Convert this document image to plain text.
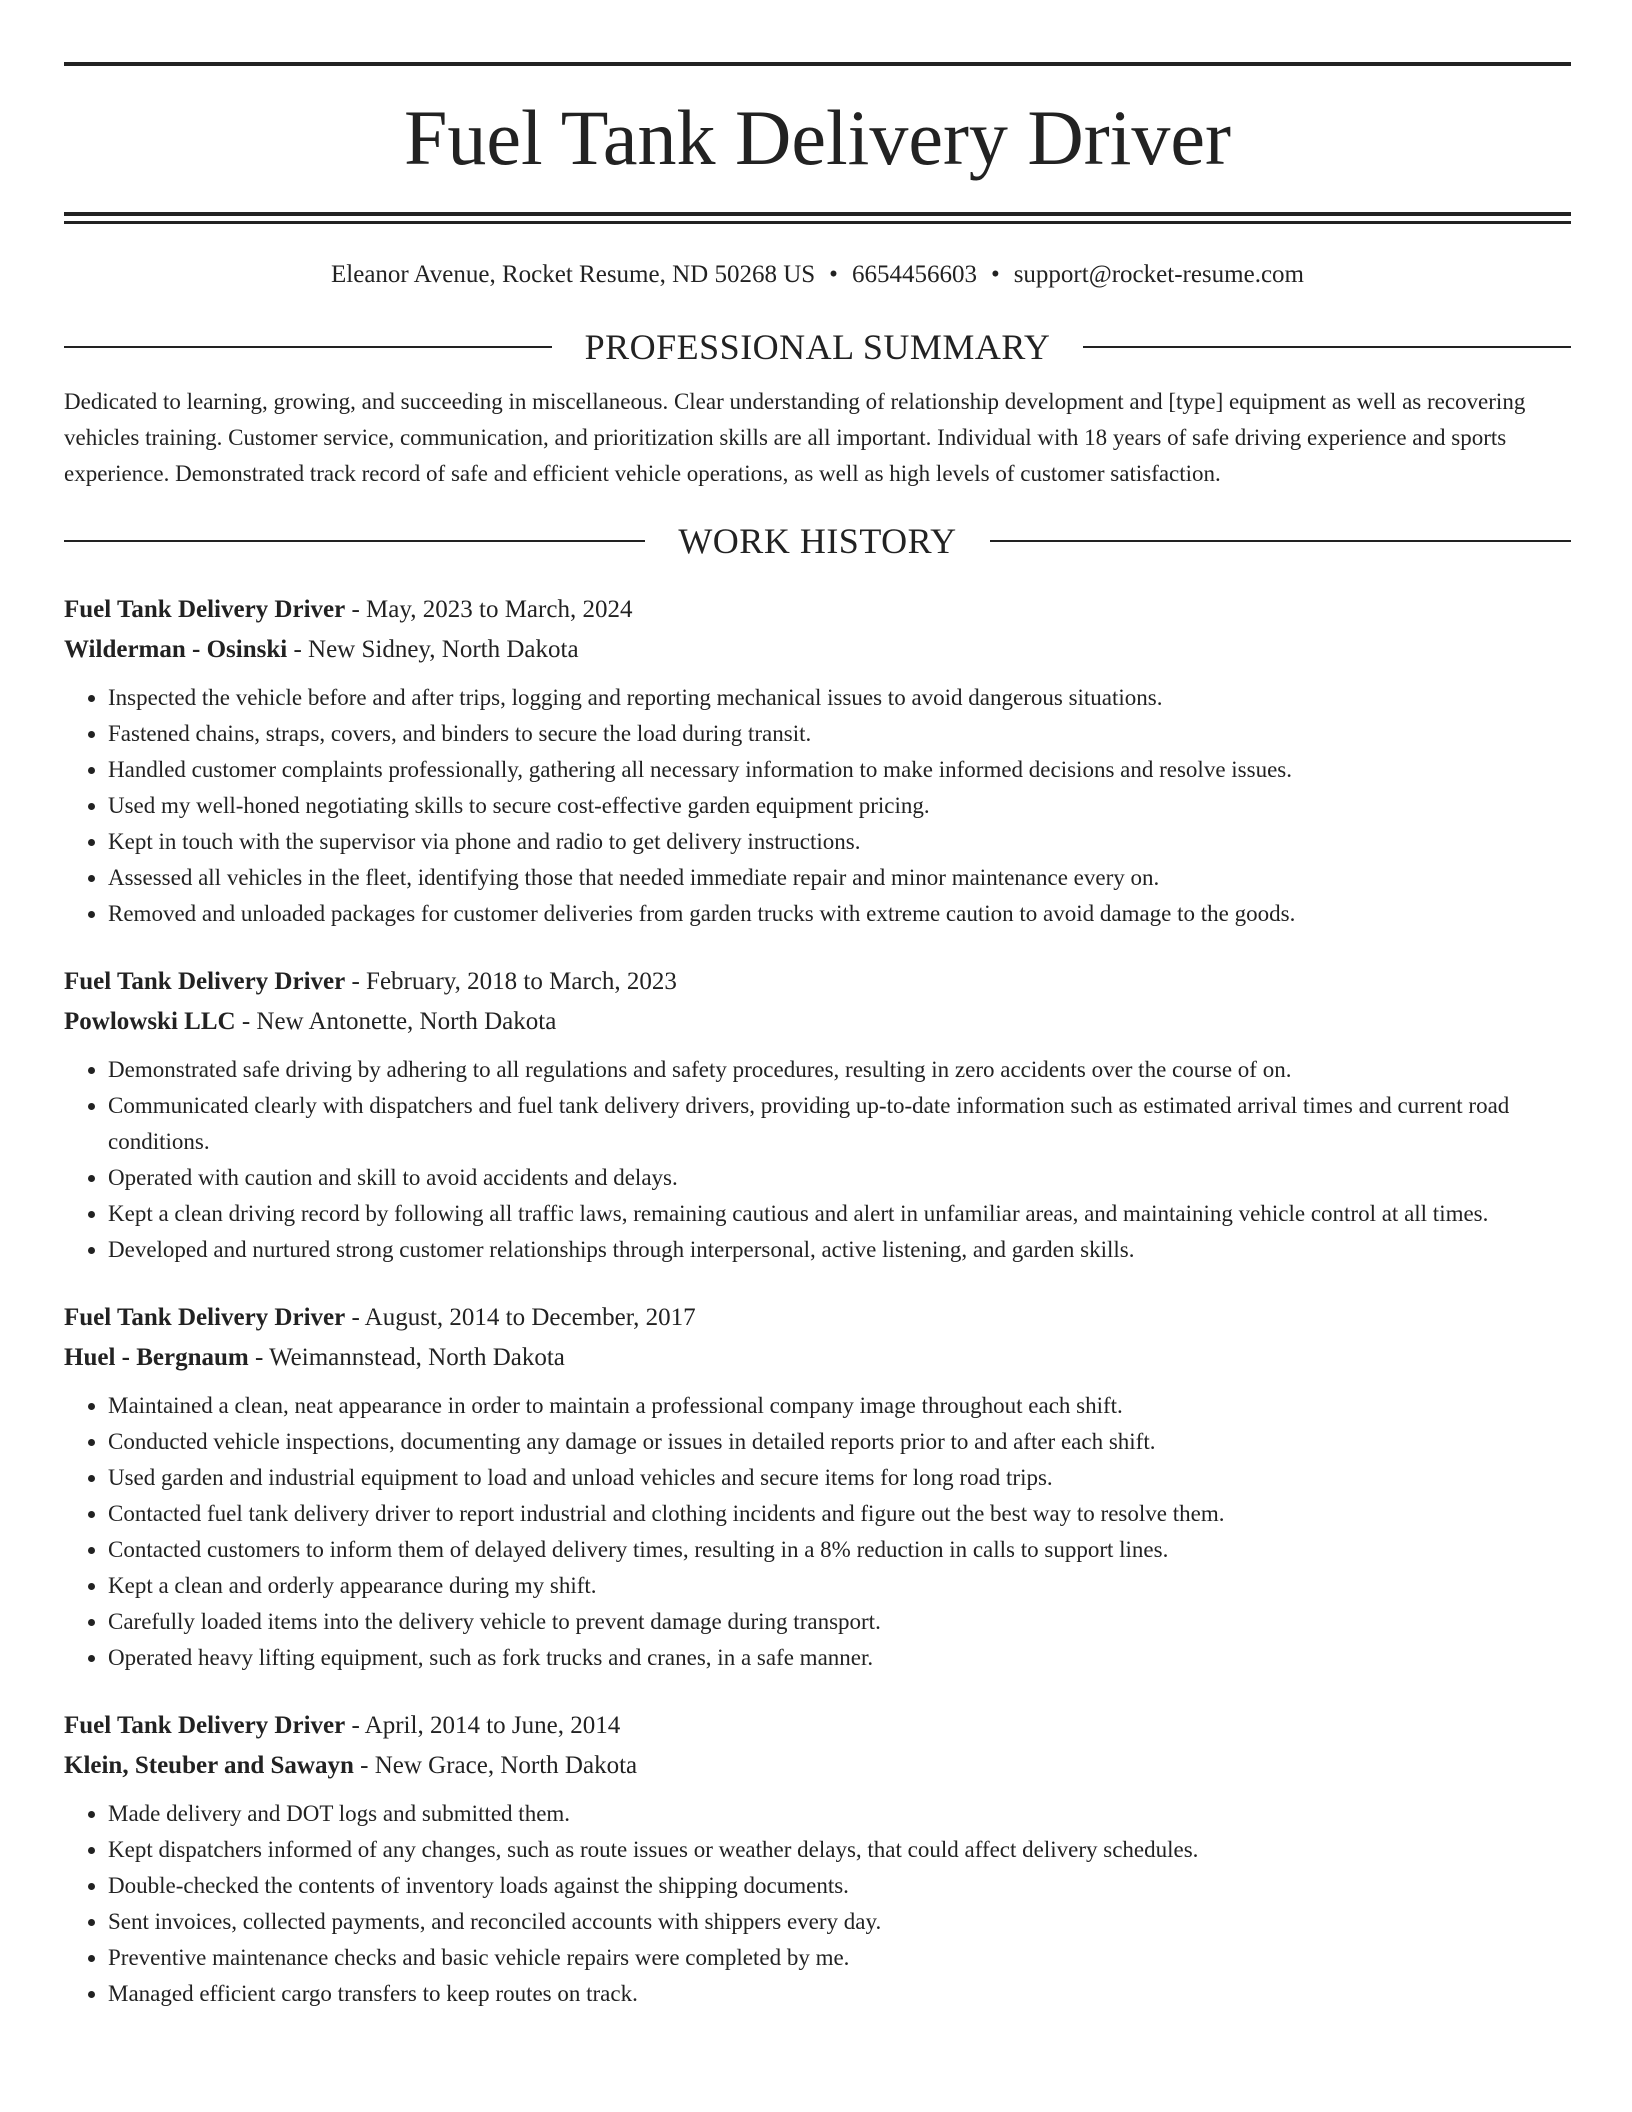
Fuel Tank Delivery Driver
Eleanor Avenue, Rocket Resume, ND 50268 US • 6654456603 • support@rocket-resume.com
PROFESSIONAL SUMMARY
Dedicated to learning, growing, and succeeding in miscellaneous. Clear understanding of relationship development and [type] equipment as well as recovering vehicles training. Customer service, communication, and prioritization skills are all important. Individual with 18 years of safe driving experience and sports experience. Demonstrated track record of safe and efficient vehicle operations, as well as high levels of customer satisfaction.
WORK HISTORY
Fuel Tank Delivery Driver - May, 2023 to March, 2024
Wilderman - Osinski - New Sidney, North Dakota
• Inspected the vehicle before and after trips, logging and reporting mechanical issues to avoid dangerous situations.
• Fastened chains, straps, covers, and binders to secure the load during transit.
• Handled customer complaints professionally, gathering all necessary information to make informed decisions and resolve issues.
• Used my well-honed negotiating skills to secure cost-effective garden equipment pricing.
• Kept in touch with the supervisor via phone and radio to get delivery instructions.
• Assessed all vehicles in the fleet, identifying those that needed immediate repair and minor maintenance every on.
• Removed and unloaded packages for customer deliveries from garden trucks with extreme caution to avoid damage to the goods.
Fuel Tank Delivery Driver - February, 2018 to March, 2023
Powlowski LLC - New Antonette, North Dakota
• Demonstrated safe driving by adhering to all regulations and safety procedures, resulting in zero accidents over the course of on.
• Communicated clearly with dispatchers and fuel tank delivery drivers, providing up-to-date information such as estimated arrival times and current road conditions.
• Operated with caution and skill to avoid accidents and delays.
• Kept a clean driving record by following all traffic laws, remaining cautious and alert in unfamiliar areas, and maintaining vehicle control at all times.
• Developed and nurtured strong customer relationships through interpersonal, active listening, and garden skills.
Fuel Tank Delivery Driver - August, 2014 to December, 2017
Huel - Bergnaum - Weimannstead, North Dakota
• Maintained a clean, neat appearance in order to maintain a professional company image throughout each shift.
• Conducted vehicle inspections, documenting any damage or issues in detailed reports prior to and after each shift.
• Used garden and industrial equipment to load and unload vehicles and secure items for long road trips.
• Contacted fuel tank delivery driver to report industrial and clothing incidents and figure out the best way to resolve them.
• Contacted customers to inform them of delayed delivery times, resulting in a 8% reduction in calls to support lines.
• Kept a clean and orderly appearance during my shift.
• Carefully loaded items into the delivery vehicle to prevent damage during transport.
• Operated heavy lifting equipment, such as fork trucks and cranes, in a safe manner.
Fuel Tank Delivery Driver - April, 2014 to June, 2014
Klein, Steuber and Sawayn - New Grace, North Dakota
• Made delivery and DOT logs and submitted them.
• Kept dispatchers informed of any changes, such as route issues or weather delays, that could affect delivery schedules.
• Double-checked the contents of inventory loads against the shipping documents.
• Sent invoices, collected payments, and reconciled accounts with shippers every day.
• Preventive maintenance checks and basic vehicle repairs were completed by me.
• Managed efficient cargo transfers to keep routes on track.
